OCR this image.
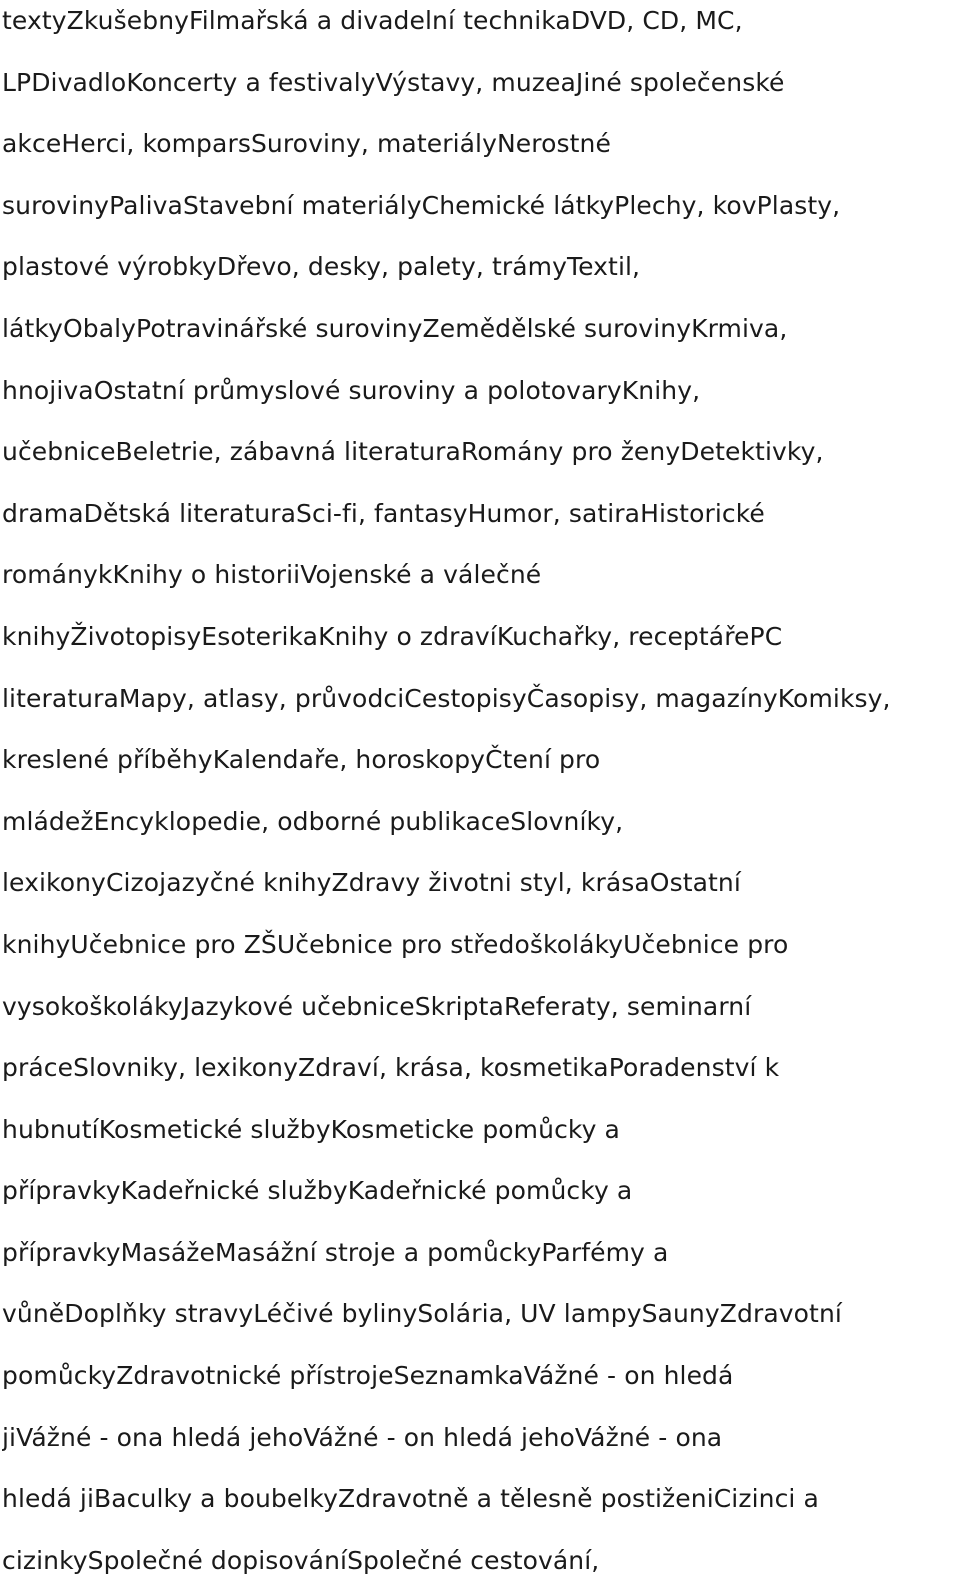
textyZkušebnyFilmařská a divadelní technikaDVD, CD, MC,

LPDivadloKoncerty a festivalyVýstavy, muzeaJiné společenské

akceHerci, komparsSuroviny, materiályNerostné

surovinyPalivaStavební materiályChemické látkyPlechy, kovPlasty,

plastové výrobkyDřevo, desky, palety, trámyTextil,

látkyObalyPotravinářské surovinyZemědělské surovinyKrmiva,

hnojivaOstatní průmyslové suroviny a polotovaryKnihy,

učebniceBeletrie, zábavná literaturaRomány pro ženyDetektivky,

dramaDětská literaturaSci-fi, fantasyHumor, satiraHistorické

románykKnihy o historiiVojenské a válečné

knihyŽivotopisyEsoterikaKnihy o zdravíKuchařky, receptářePC

literaturaMapy, atlasy, průvodciCestopisyČasopisy, magazínyKomiksy,

kreslené příběhyKalendaře, horoskopyČtení pro

mládežEncyklopedie, odborné publikaceSlovníky,

lexikonyCizojazyčné knihyZdravy životni styl, krásaOstatní

knihyUčebnice pro ZŠUčebnice pro středoškolákyUčebnice pro

vysokoškolákyJazykové učebniceSkriptaReferaty, seminarní

práceSlovniky, lexikonyZdraví, krása, kosmetikaPoradenství k

hubnutíKosmetické službyKosmeticke pomůcky a

přípravkyKadeřnické službyKadeřnické pomůcky a

přípravkyMasážeMasážní stroje a pomůckyParfémy a

vůněDoplňky stravyLéčivé bylinySolária, UV lampySaunyZdravotní

pomůckyZdravotnické přístrojeSeznamkaVážné - on hledá

jiVážné - ona hledá jehoVážné - on hledá jehoVážné - ona

hledá jiBaculky a boubelkyZdravotně a tělesně postiženiCizinci a

cizinkySpolečné dopisováníSpolečné cestování,
